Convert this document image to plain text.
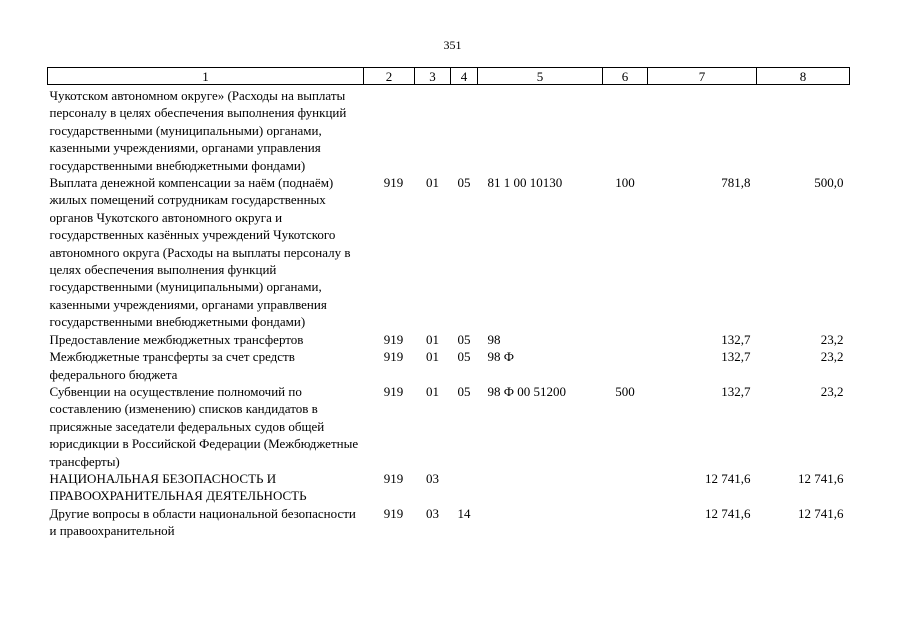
351
1	2	3	4	5	6	7	8
Чукотском автономном округе» (Расходы на выплаты персоналу в целях обеспечения выполнения функций государственными (муниципальными) органами, казенными учреждениями, органами управления государственными внебюджетными фондами)							
Выплата денежной компенсации за наём (поднаём) жилых помещений сотрудникам государственных органов Чукотского автономного округа и государственных казённых учреждений Чукотского автономного округа (Расходы на выплаты персоналу в целях обеспечения выполнения функций государственными (муниципальными) органами, казенными учреждениями, органами управлвения государственными внебюджетными фондами)	919	01	05	81 1 00 10130	100	781,8	500,0
Предоставление межбюджетных трансфертов	919	01	05	98		132,7	23,2
Межбюджетные трансферты за счет средств федерального бюджета	919	01	05	98 Ф		132,7	23,2
Субвенции на осуществление полномочий по составлению (изменению) списков кандидатов в присяжные заседатели федеральных судов общей юрисдикции в Российской Федерации (Межбюджетные трансферты)	919	01	05	98 Ф 00 51200	500	132,7	23,2
НАЦИОНАЛЬНАЯ БЕЗОПАСНОСТЬ И ПРАВООХРАНИТЕЛЬНАЯ ДЕЯТЕЛЬНОСТЬ	919	03				12 741,6	12 741,6
Другие вопросы в области национальной безопасности и правоохранительной	919	03	14			12 741,6	12 741,6
